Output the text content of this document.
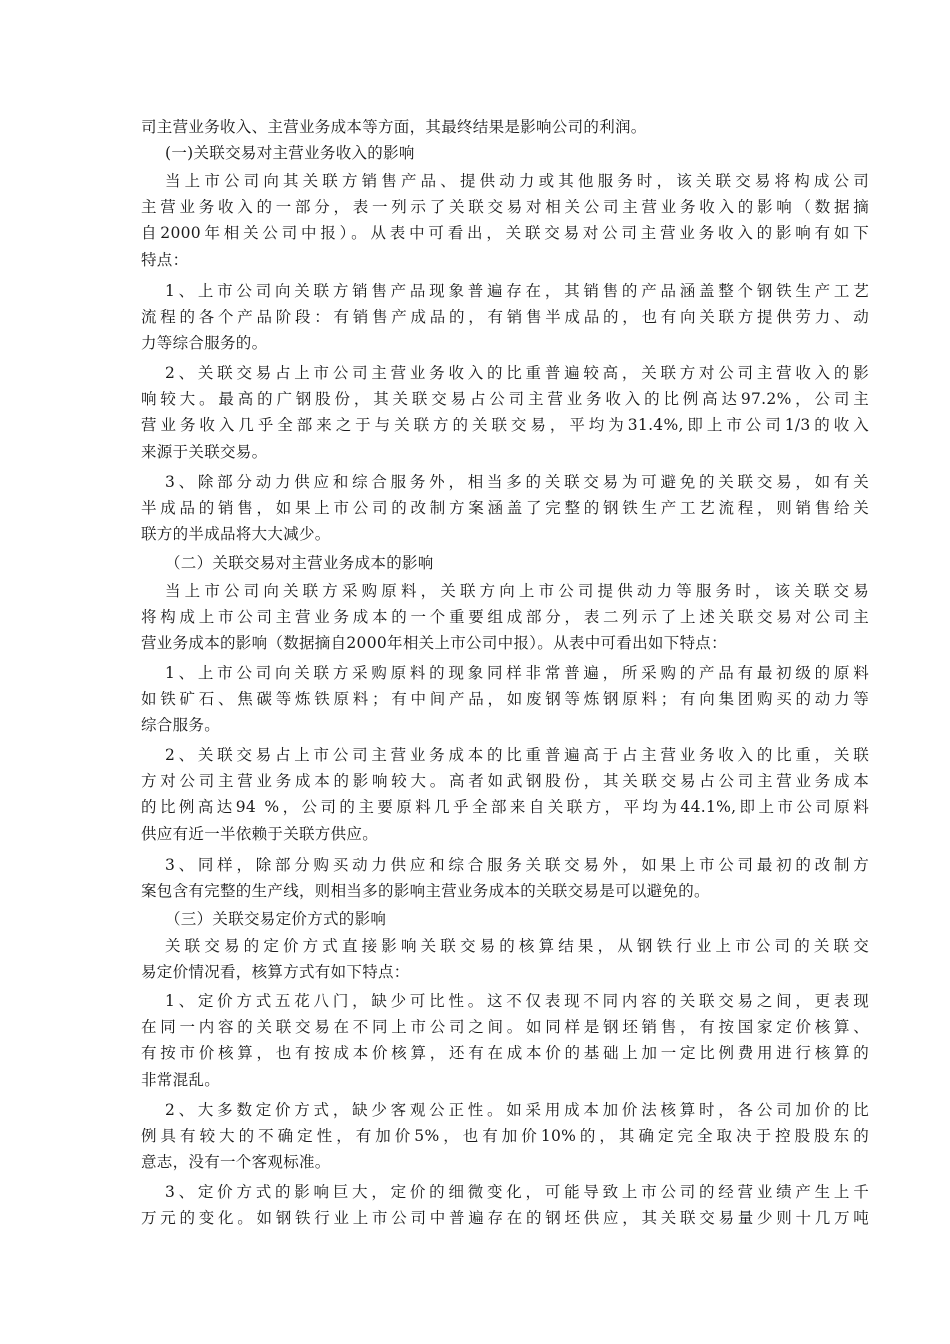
司主营业务收入、主营业务成本等方面，其最终结果是影响公司的利润。
(一)关联交易对主营业务收入的影响
当上市公司向其关联方销售产品、提供动力或其他服务时，该关联交易将构成公司
主营业务收入的一部分，表一列示了关联交易对相关公司主营业务收入的影响（数据摘
自2000年相关公司中报）。从表中可看出，关联交易对公司主营业务收入的影响有如下
特点：
1、上市公司向关联方销售产品现象普遍存在，其销售的产品涵盖整个钢铁生产工艺
流程的各个产品阶段：有销售产成品的，有销售半成品的，也有向关联方提供劳力、动
力等综合服务的。
2、关联交易占上市公司主营业务收入的比重普遍较高，关联方对公司主营收入的影
响较大。最高的广钢股份，其关联交易占公司主营业务收入的比例高达97.2%，公司主
营业务收入几乎全部来之于与关联方的关联交易，平均为31.4%,即上市公司1/3的收入
来源于关联交易。
3、除部分动力供应和综合服务外，相当多的关联交易为可避免的关联交易，如有关
半成品的销售，如果上市公司的改制方案涵盖了完整的钢铁生产工艺流程，则销售给关
联方的半成品将大大减少。
（二）关联交易对主营业务成本的影响
当上市公司向关联方采购原料，关联方向上市公司提供动力等服务时，该关联交易
将构成上市公司主营业务成本的一个重要组成部分，表二列示了上述关联交易对公司主
营业务成本的影响（数据摘自2000年相关上市公司中报）。从表中可看出如下特点：
1、上市公司向关联方采购原料的现象同样非常普遍，所采购的产品有最初级的原料
如铁矿石、焦碳等炼铁原料；有中间产品，如废钢等炼钢原料；有向集团购买的动力等
综合服务。
2、关联交易占上市公司主营业务成本的比重普遍高于占主营业务收入的比重，关联
方对公司主营业务成本的影响较大。高者如武钢股份，其关联交易占公司主营业务成本
的比例高达94 %，公司的主要原料几乎全部来自关联方，平均为44.1%,即上市公司原料
供应有近一半依赖于关联方供应。
3、同样，除部分购买动力供应和综合服务关联交易外，如果上市公司最初的改制方
案包含有完整的生产线，则相当多的影响主营业务成本的关联交易是可以避免的。
（三）关联交易定价方式的影响
关联交易的定价方式直接影响关联交易的核算结果，从钢铁行业上市公司的关联交
易定价情况看，核算方式有如下特点：
1、定价方式五花八门，缺少可比性。这不仅表现不同内容的关联交易之间，更表现
在同一内容的关联交易在不同上市公司之间。如同样是钢坯销售，有按国家定价核算、
有按市价核算，也有按成本价核算，还有在成本价的基础上加一定比例费用进行核算的
非常混乱。
2、大多数定价方式，缺少客观公正性。如采用成本加价法核算时，各公司加价的比
例具有较大的不确定性，有加价5%，也有加价10%的，其确定完全取决于控股股东的
意志，没有一个客观标准。
3、定价方式的影响巨大，定价的细微变化，可能导致上市公司的经营业绩产生上千
万元的变化。如钢铁行业上市公司中普遍存在的钢坯供应，其关联交易量少则十几万吨
